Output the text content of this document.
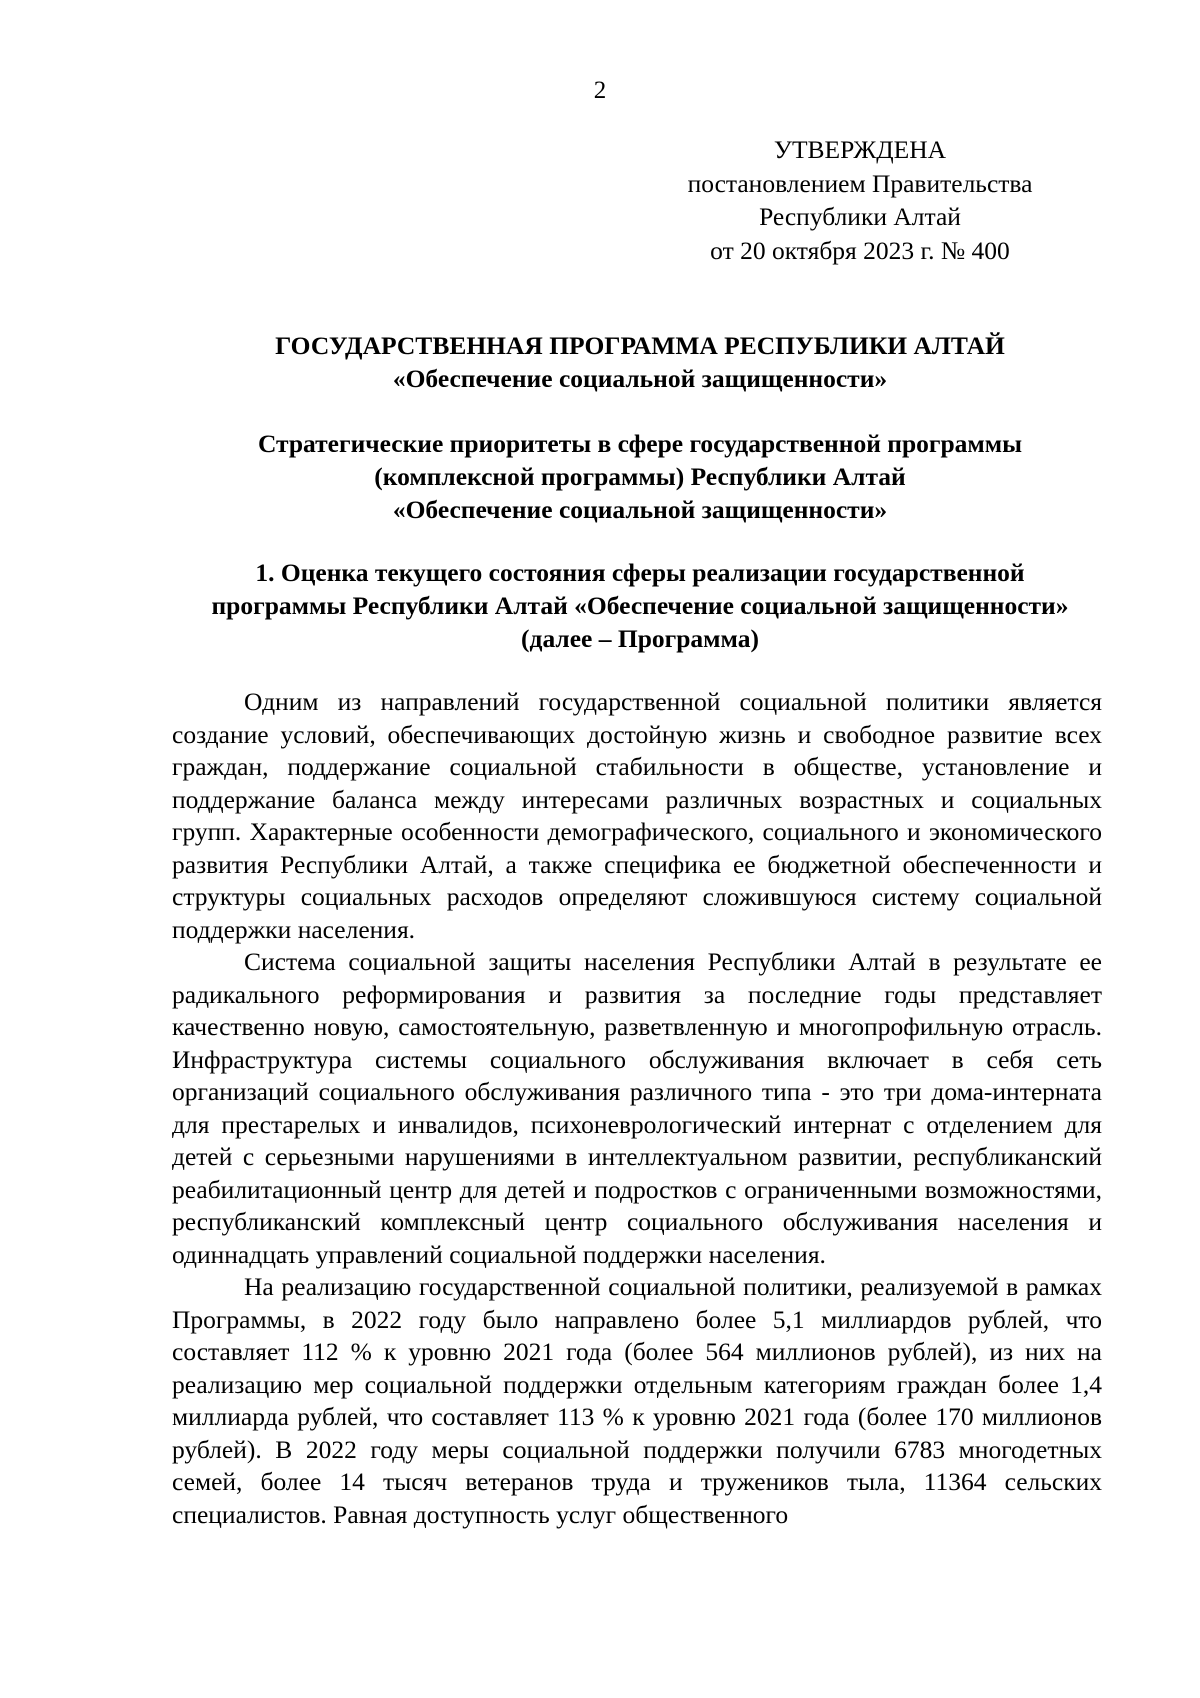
2
УТВЕРЖДЕНА
постановлением Правительства
Республики Алтай
от 20 октября 2023 г. № 400
ГОСУДАРСТВЕННАЯ ПРОГРАММА РЕСПУБЛИКИ АЛТАЙ
«Обеспечение социальной защищенности»
Стратегические приоритеты в сфере государственной программы
(комплексной программы) Республики Алтай
«Обеспечение социальной защищенности»
1. Оценка текущего состояния сферы реализации государственной
программы Республики Алтай «Обеспечение социальной защищенности»
(далее – Программа)

Одним из направлений государственной социальной политики является создание условий, обеспечивающих достойную жизнь и свободное развитие всех граждан, поддержание социальной стабильности в обществе, установление и поддержание баланса между интересами различных возрастных и социальных групп. Характерные особенности демографического, социального и экономического развития Республики Алтай, а также специфика ее бюджетной обеспеченности и структуры социальных расходов определяют сложившуюся систему социальной поддержки населения.

Система социальной защиты населения Республики Алтай в результате ее радикального реформирования и развития за последние годы представляет качественно новую, самостоятельную, разветвленную и многопрофильную отрасль. Инфраструктура системы социального обслуживания включает в себя сеть организаций социального обслуживания различного типа - это три дома-интерната для престарелых и инвалидов, психоневрологический интернат с отделением для детей с серьезными нарушениями в интеллектуальном развитии, республиканский реабилитационный центр для детей и подростков с ограниченными возможностями, республиканский комплексный центр социального обслуживания населения и одиннадцать управлений социальной поддержки населения.

На реализацию государственной социальной политики, реализуемой в рамках Программы, в 2022 году было направлено более 5,1 миллиардов рублей, что составляет 112 % к уровню 2021 года (более 564 миллионов рублей), из них на реализацию мер социальной поддержки отдельным категориям граждан более 1,4 миллиарда рублей, что составляет 113 % к уровню 2021 года (более 170 миллионов рублей). В 2022 году меры социальной поддержки получили 6783 многодетных семей, более 14 тысяч ветеранов труда и тружеников тыла, 11364 сельских специалистов. Равная доступность услуг общественного
